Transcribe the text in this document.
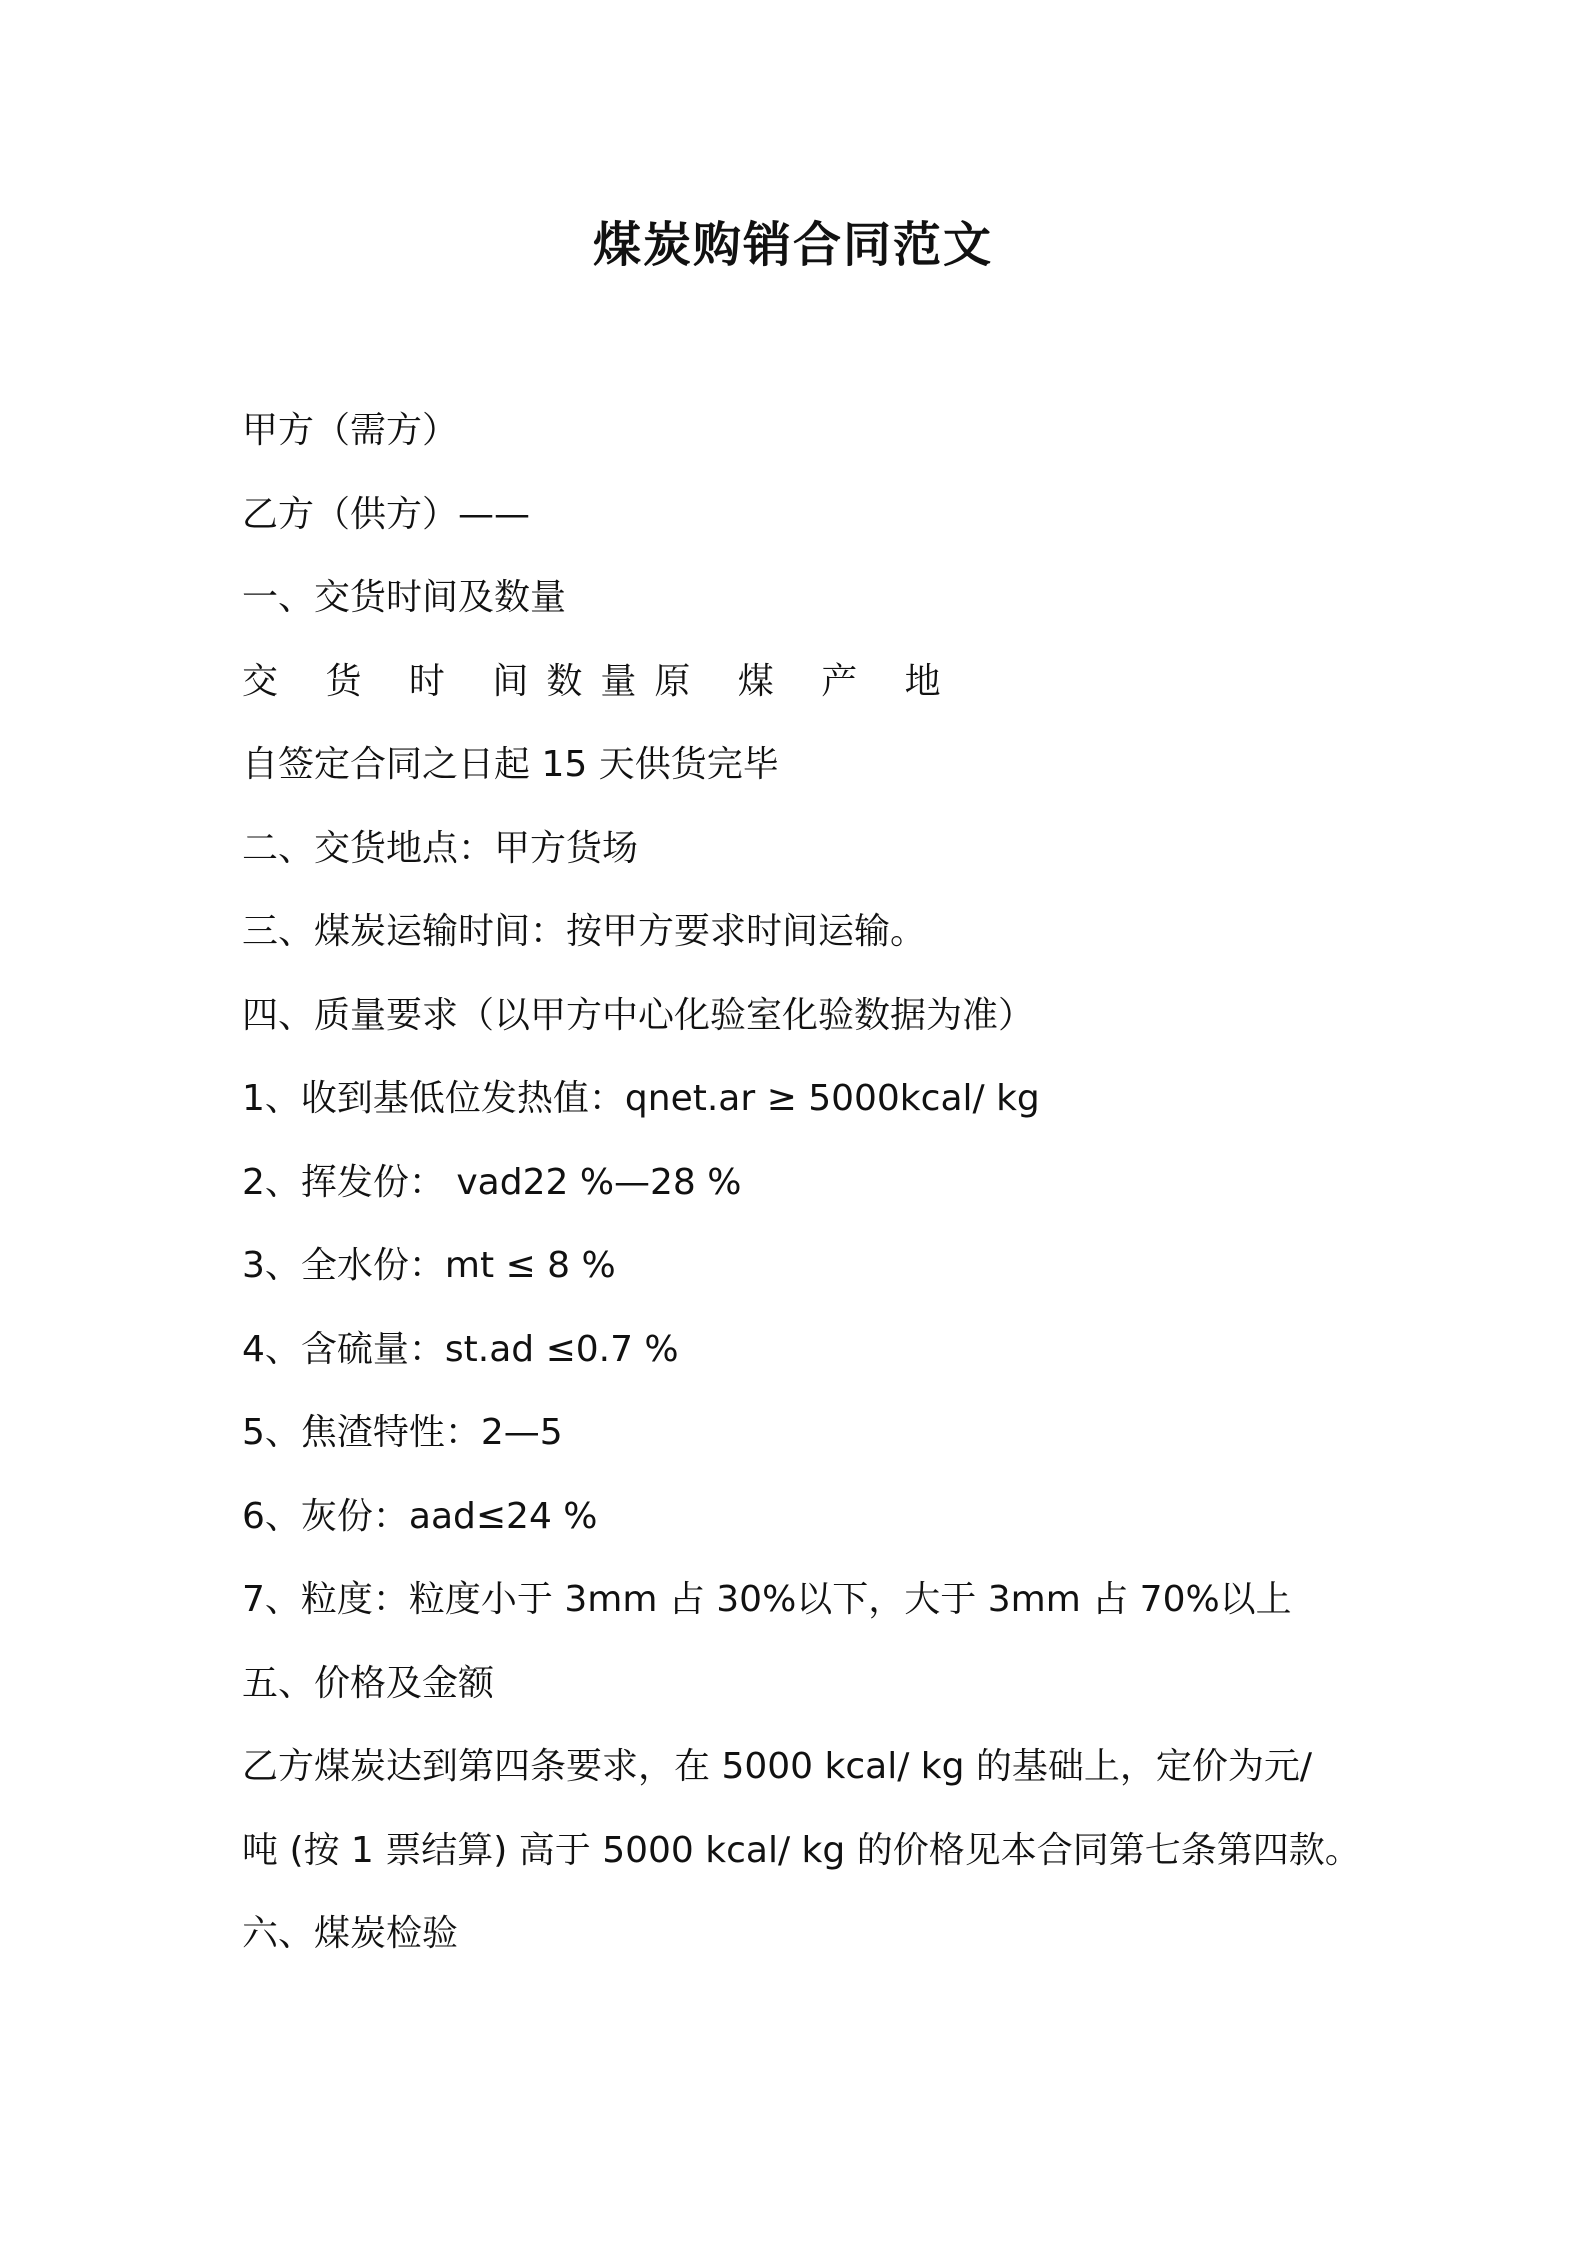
煤炭购销合同范文
甲方（需方）
乙方（供方）——
一、交货时间及数量
交 货 时 间数量原 煤 产 地
自签定合同之日起 15 天供货完毕
二、交货地点：甲方货场
三、煤炭运输时间：按甲方要求时间运输。
四、质量要求（以甲方中心化验室化验数据为准）
1、收到基低位发热值：qnet.ar ≥ 5000kcal/ kg
2、挥发份： vad22 %—28 %
3、全水份：mt ≤ 8 %
4、含硫量：st.ad ≤0.7 %
5、焦渣特性：2—5
6、灰份：aad≤24 %
7、粒度：粒度小于 3mm 占 30%以下，大于 3mm 占 70%以上
五、价格及金额
乙方煤炭达到第四条要求，在 5000 kcal/ kg 的基础上，定价为元/
吨 (按 1 票结算) 高于 5000 kcal/ kg 的价格见本合同第七条第四款。
六、煤炭检验
